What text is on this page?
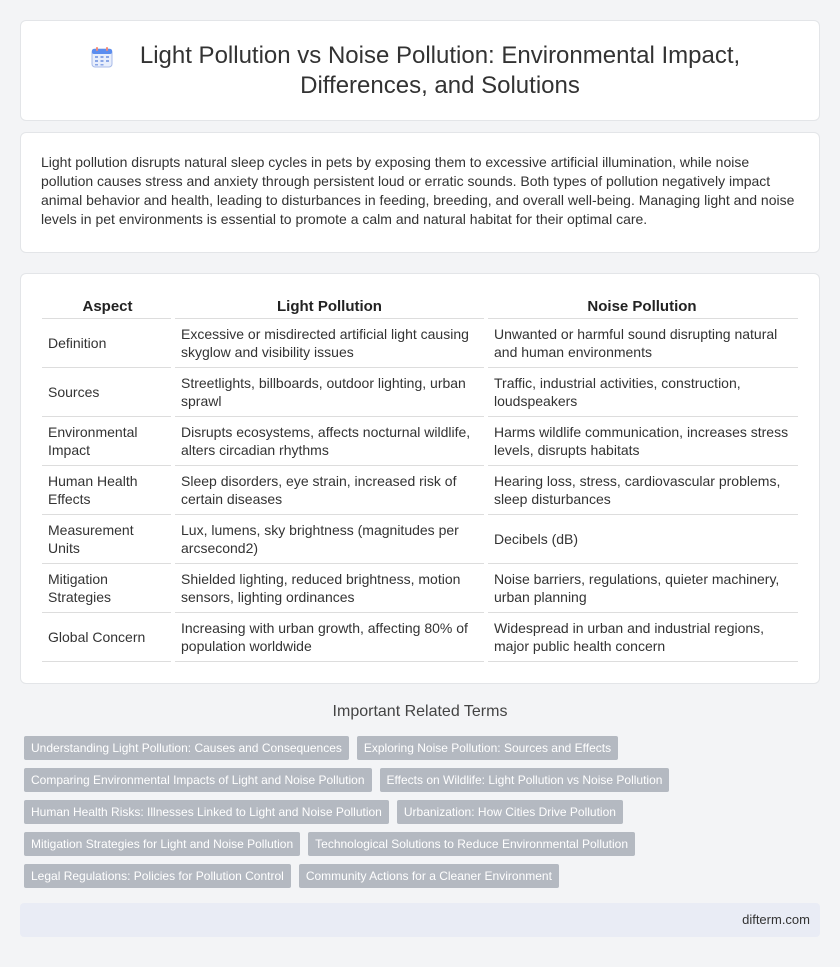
Light Pollution vs Noise Pollution: Environmental Impact, Differences, and Solutions

Light pollution disrupts natural sleep cycles in pets by exposing them to excessive artificial illumination, while noise pollution causes stress and anxiety through persistent loud or erratic sounds. Both types of pollution negatively impact animal behavior and health, leading to disturbances in feeding, breeding, and overall well-being. Managing light and noise levels in pet environments is essential to promote a calm and natural habitat for their optimal care.

Aspect	Light Pollution	Noise Pollution
Definition	Excessive or misdirected artificial light causing skyglow and visibility issues	Unwanted or harmful sound disrupting natural and human environments
Sources	Streetlights, billboards, outdoor lighting, urban sprawl	Traffic, industrial activities, construction, loudspeakers
Environmental Impact	Disrupts ecosystems, affects nocturnal wildlife, alters circadian rhythms	Harms wildlife communication, increases stress levels, disrupts habitats
Human Health Effects	Sleep disorders, eye strain, increased risk of certain diseases	Hearing loss, stress, cardiovascular problems, sleep disturbances
Measurement Units	Lux, lumens, sky brightness (magnitudes per arcsecond2)	Decibels (dB)
Mitigation Strategies	Shielded lighting, reduced brightness, motion sensors, lighting ordinances	Noise barriers, regulations, quieter machinery, urban planning
Global Concern	Increasing with urban growth, affecting 80% of population worldwide	Widespread in urban and industrial regions, major public health concern
Important Related Terms
Understanding Light Pollution: Causes and Consequences	Exploring Noise Pollution: Sources and Effects
Comparing Environmental Impacts of Light and Noise Pollution	Effects on Wildlife: Light Pollution vs Noise Pollution
Human Health Risks: Illnesses Linked to Light and Noise Pollution	Urbanization: How Cities Drive Pollution
Mitigation Strategies for Light and Noise Pollution	Technological Solutions to Reduce Environmental Pollution
Legal Regulations: Policies for Pollution Control	Community Actions for a Cleaner Environment
difterm.com
